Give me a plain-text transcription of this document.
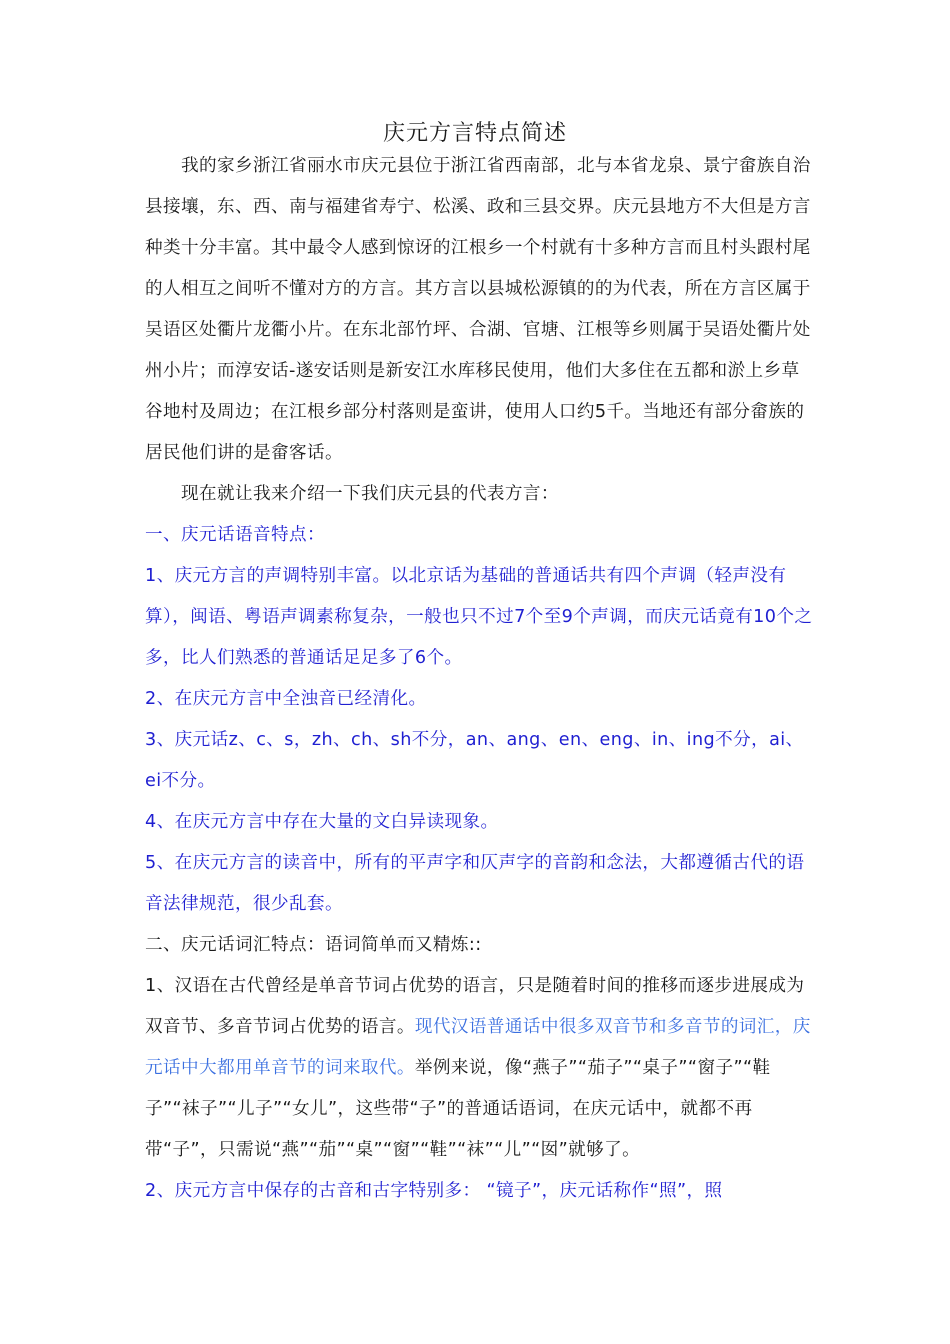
庆元方言特点简述

我的家乡浙江省丽水市庆元县位于浙江省西南部，北与本省龙泉、景宁畲族自治县接壤，东、西、南与福建省寿宁、松溪、政和三县交界。庆元县地方不大但是方言种类十分丰富。其中最令人感到惊讶的江根乡一个村就有十多种方言而且村头跟村尾的人相互之间听不懂对方的方言。其方言以县城松源镇的的为代表，所在方言区属于吴语区处衢片龙衢小片。在东北部竹坪、合湖、官塘、江根等乡则属于吴语处衢片处州小片；而淳安话-遂安话则是新安江水库移民使用，他们大多住在五都和淤上乡草谷地村及周边；在江根乡部分村落则是蛮讲，使用人口约5千。当地还有部分畲族的居民他们讲的是畲客话。

现在就让我来介绍一下我们庆元县的代表方言：

一、庆元话语音特点：

1、庆元方言的声调特别丰富。以北京话为基础的普通话共有四个声调（轻声没有算），闽语、粤语声调素称复杂，一般也只不过7个至9个声调，而庆元话竟有10个之多，比人们熟悉的普通话足足多了6个。

2、在庆元方言中全浊音已经清化。

3、庆元话z、c、s，zh、ch、sh不分，an、ang、en、eng、in、ing不分，ai、ei不分。

4、在庆元方言中存在大量的文白异读现象。

5、在庆元方言的读音中，所有的平声字和仄声字的音韵和念法，大都遵循古代的语音法律规范，很少乱套。

二、庆元话词汇特点：语词简单而又精炼::

1、汉语在古代曾经是单音节词占优势的语言，只是随着时间的推移而逐步进展成为双音节、多音节词占优势的语言。现代汉语普通话中很多双音节和多音节的词汇，庆元话中大都用单音节的词来取代。举例来说，像“燕子”“茄子”“桌子”“窗子”“鞋子”“袜子”“儿子”“女儿”，这些带“子”的普通话语词，在庆元话中，就都不再带“子”，只需说“燕”“茄”“桌”“窗”“鞋”“袜”“儿”“囡”就够了。

2、庆元方言中保存的古音和古字特别多： “镜子”，庆元话称作“照”，照
